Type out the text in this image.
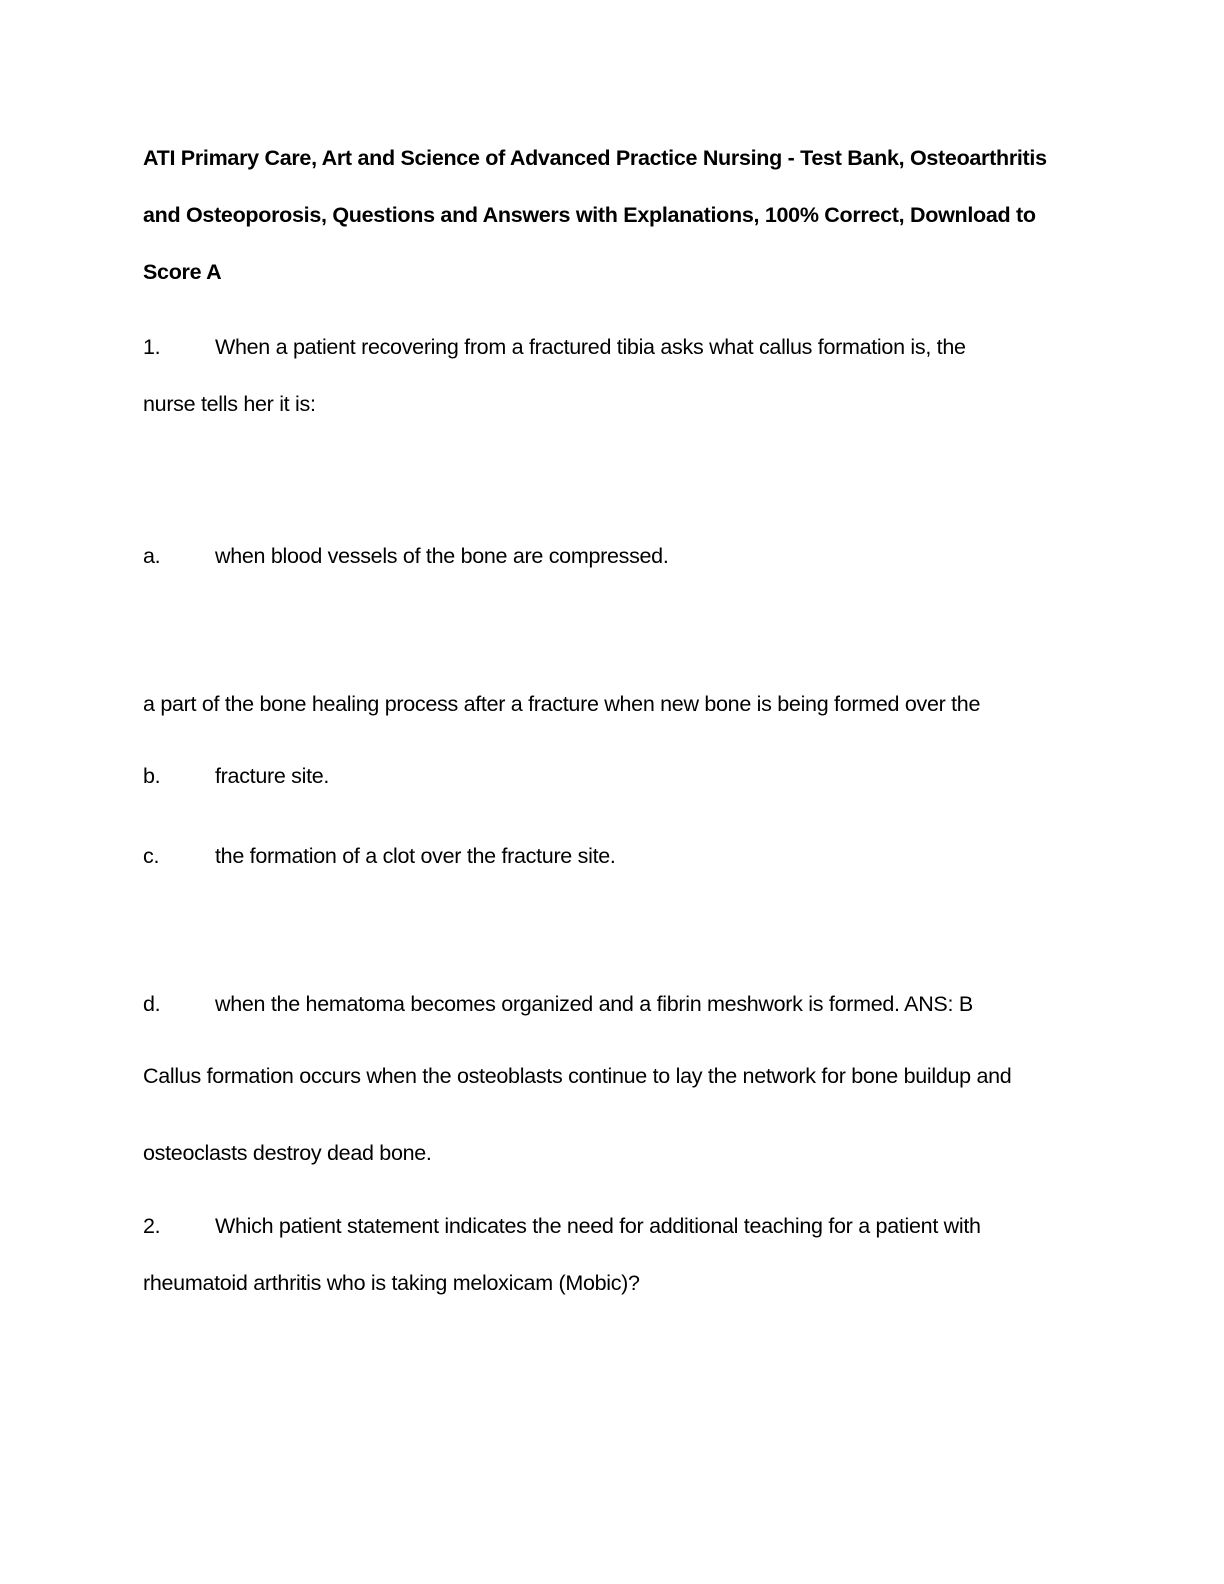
ATI Primary Care, Art and Science of Advanced Practice Nursing - Test Bank, Osteoarthritis
and Osteoporosis, Questions and Answers with Explanations, 100% Correct, Download to
Score A
1.	When a patient recovering from a fractured tibia asks what callus formation is, the
nurse tells her it is:
a.	when blood vessels of the bone are compressed.
a part of the bone healing process after a fracture when new bone is being formed over the
b.	fracture site.
c.	the formation of a clot over the fracture site.
d.	when the hematoma becomes organized and a fibrin meshwork is formed. ANS: B
Callus formation occurs when the osteoblasts continue to lay the network for bone buildup and
osteoclasts destroy dead bone.
2.	Which patient statement indicates the need for additional teaching for a patient with
rheumatoid arthritis who is taking meloxicam (Mobic)?
